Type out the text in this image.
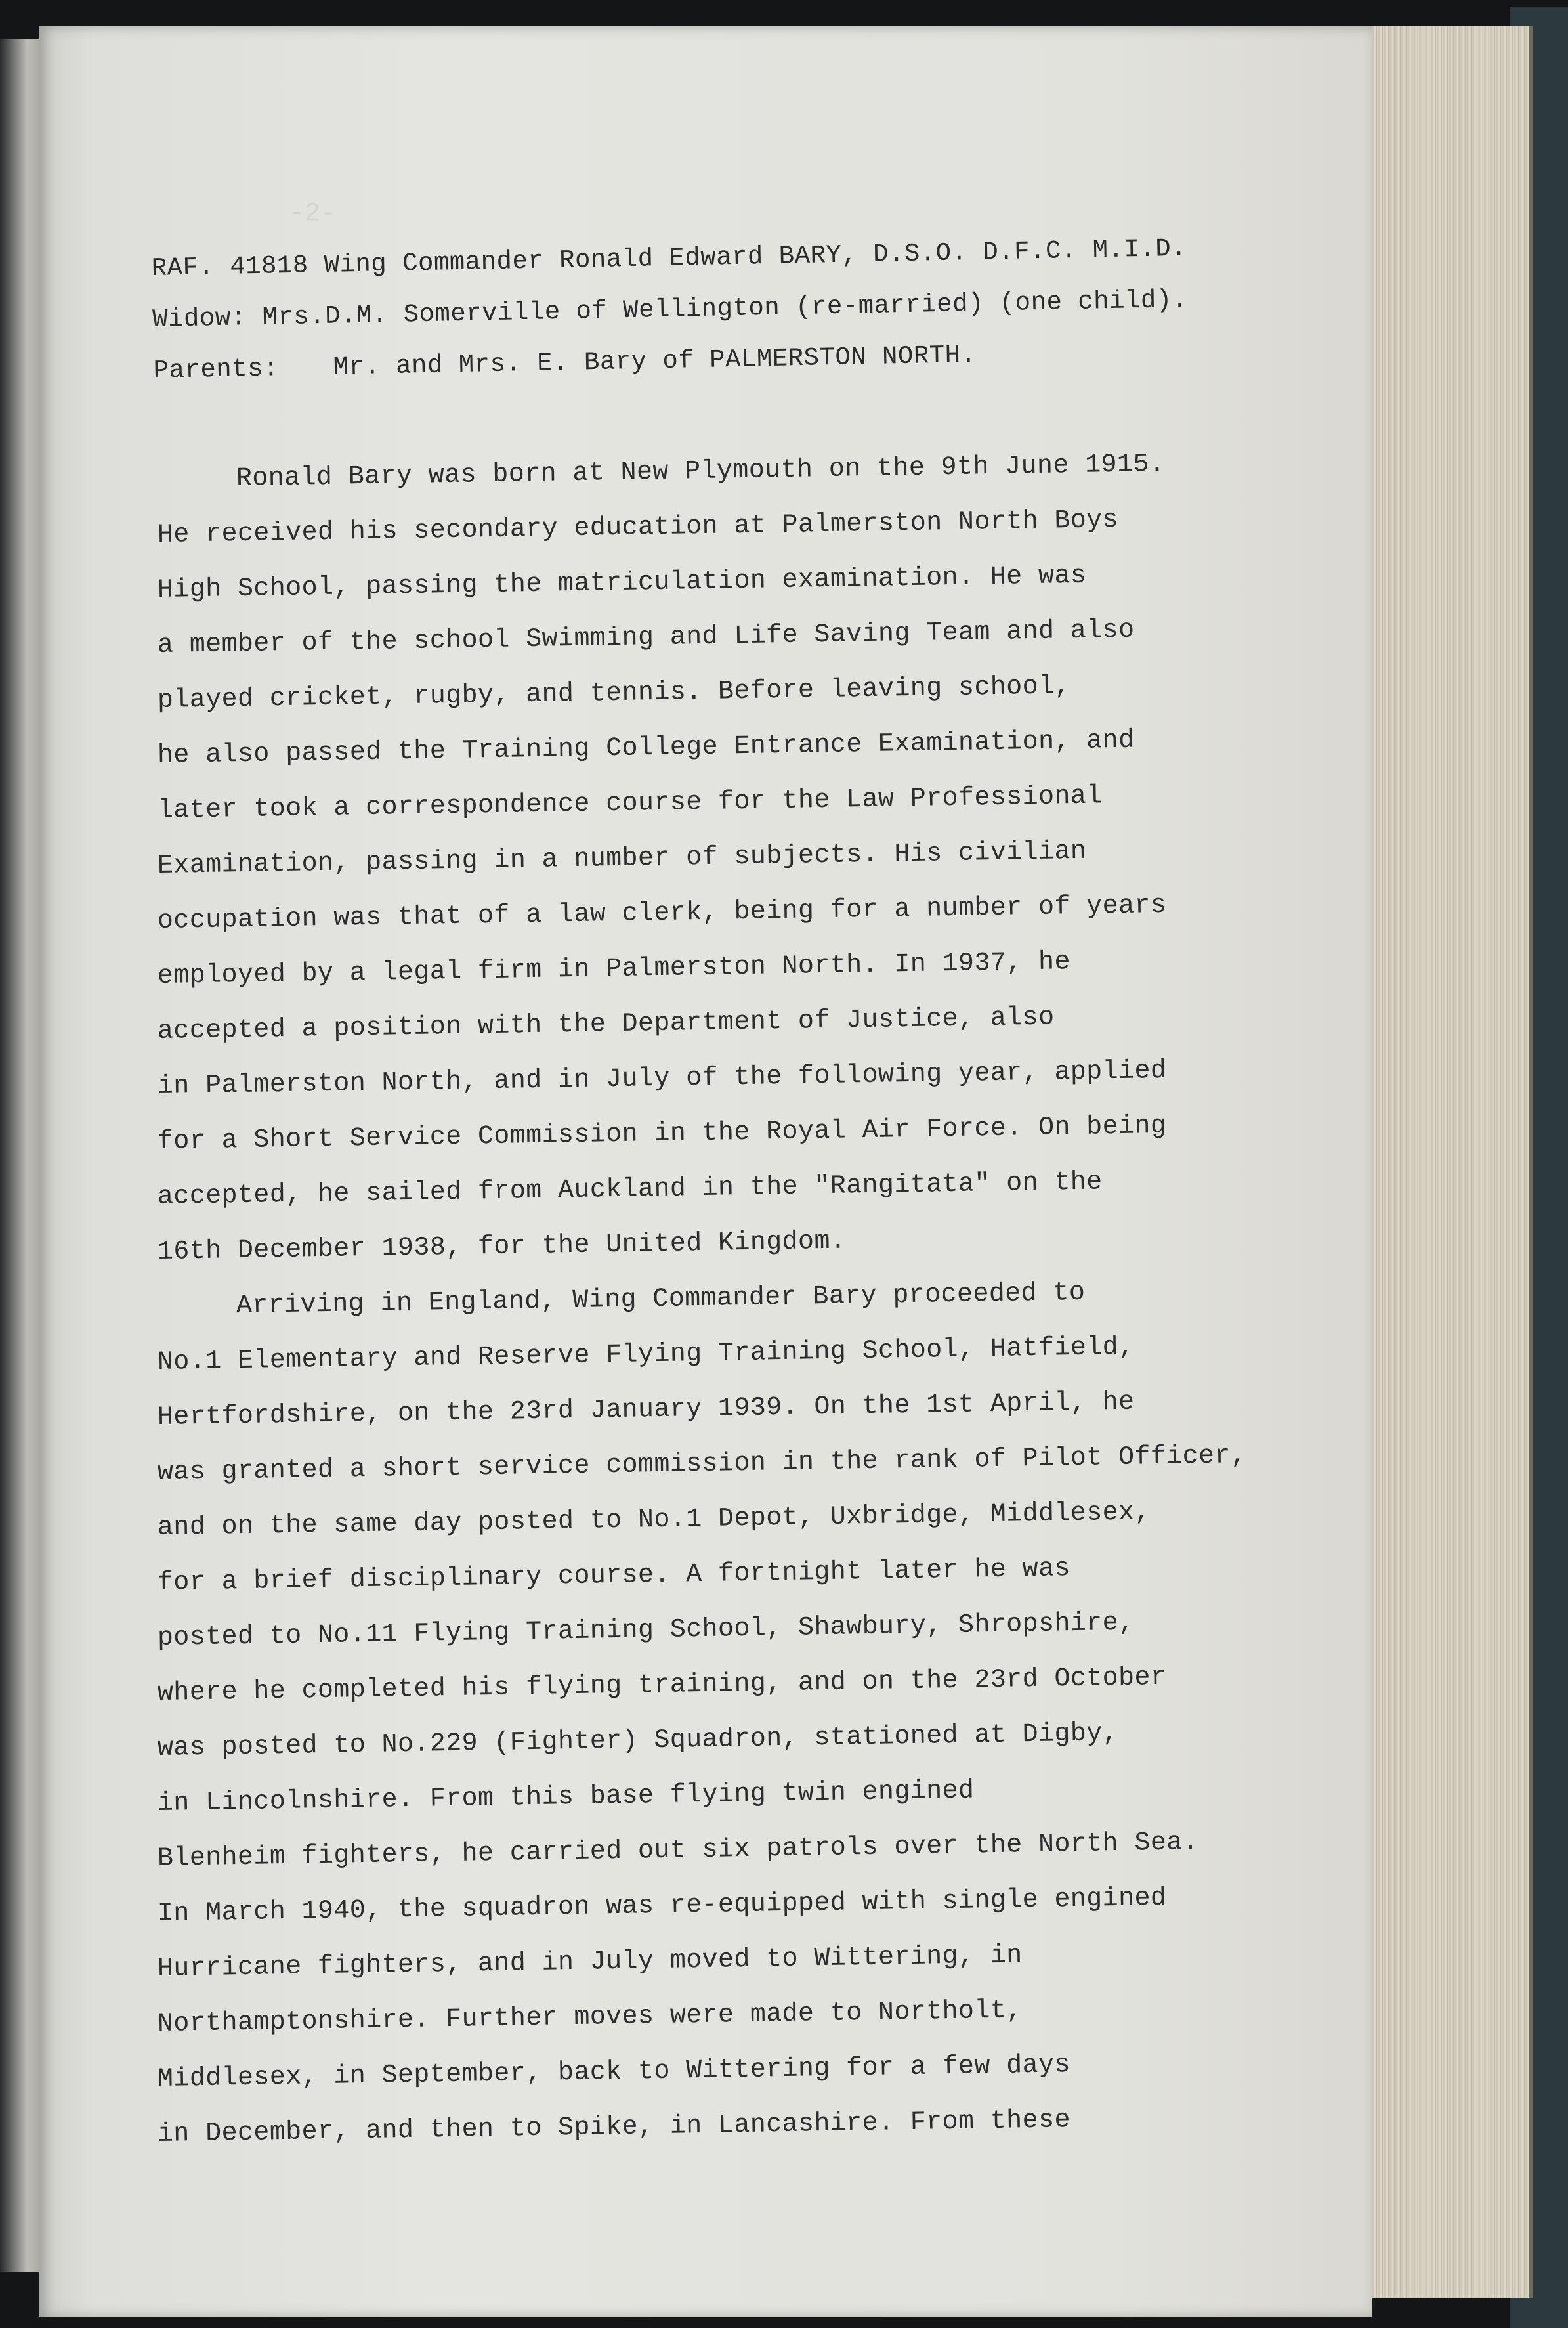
-2-
RAF. 41818 Wing Commander Ronald Edward BARY, D.S.O. D.F.C. M.I.D.
Widow: Mrs.D.M. Somerville of Wellington (re-married) (one child).
Parents: Mr. and Mrs. E. Bary of PALMERSTON NORTH.
Ronald Bary was born at New Plymouth on the 9th June 1915.
He received his secondary education at Palmerston North Boys
High School, passing the matriculation examination. He was
a member of the school Swimming and Life Saving Team and also
played cricket, rugby, and tennis. Before leaving school,
he also passed the Training College Entrance Examination, and
later took a correspondence course for the Law Professional
Examination, passing in a number of subjects. His civilian
occupation was that of a law clerk, being for a number of years
employed by a legal firm in Palmerston North. In 1937, he
accepted a position with the Department of Justice, also
in Palmerston North, and in July of the following year, applied
for a Short Service Commission in the Royal Air Force. On being
accepted, he sailed from Auckland in the "Rangitata" on the
16th December 1938, for the United Kingdom.
Arriving in England, Wing Commander Bary proceeded to
No.1 Elementary and Reserve Flying Training School, Hatfield,
Hertfordshire, on the 23rd January 1939. On the 1st April, he
was granted a short service commission in the rank of Pilot Officer,
and on the same day posted to No.1 Depot, Uxbridge, Middlesex,
for a brief disciplinary course. A fortnight later he was
posted to No.11 Flying Training School, Shawbury, Shropshire,
where he completed his flying training, and on the 23rd October
was posted to No.229 (Fighter) Squadron, stationed at Digby,
in Lincolnshire. From this base flying twin engined
Blenheim fighters, he carried out six patrols over the North Sea.
In March 1940, the squadron was re-equipped with single engined
Hurricane fighters, and in July moved to Wittering, in
Northamptonshire. Further moves were made to Northolt,
Middlesex, in September, back to Wittering for a few days
in December, and then to Spike, in Lancashire. From these
